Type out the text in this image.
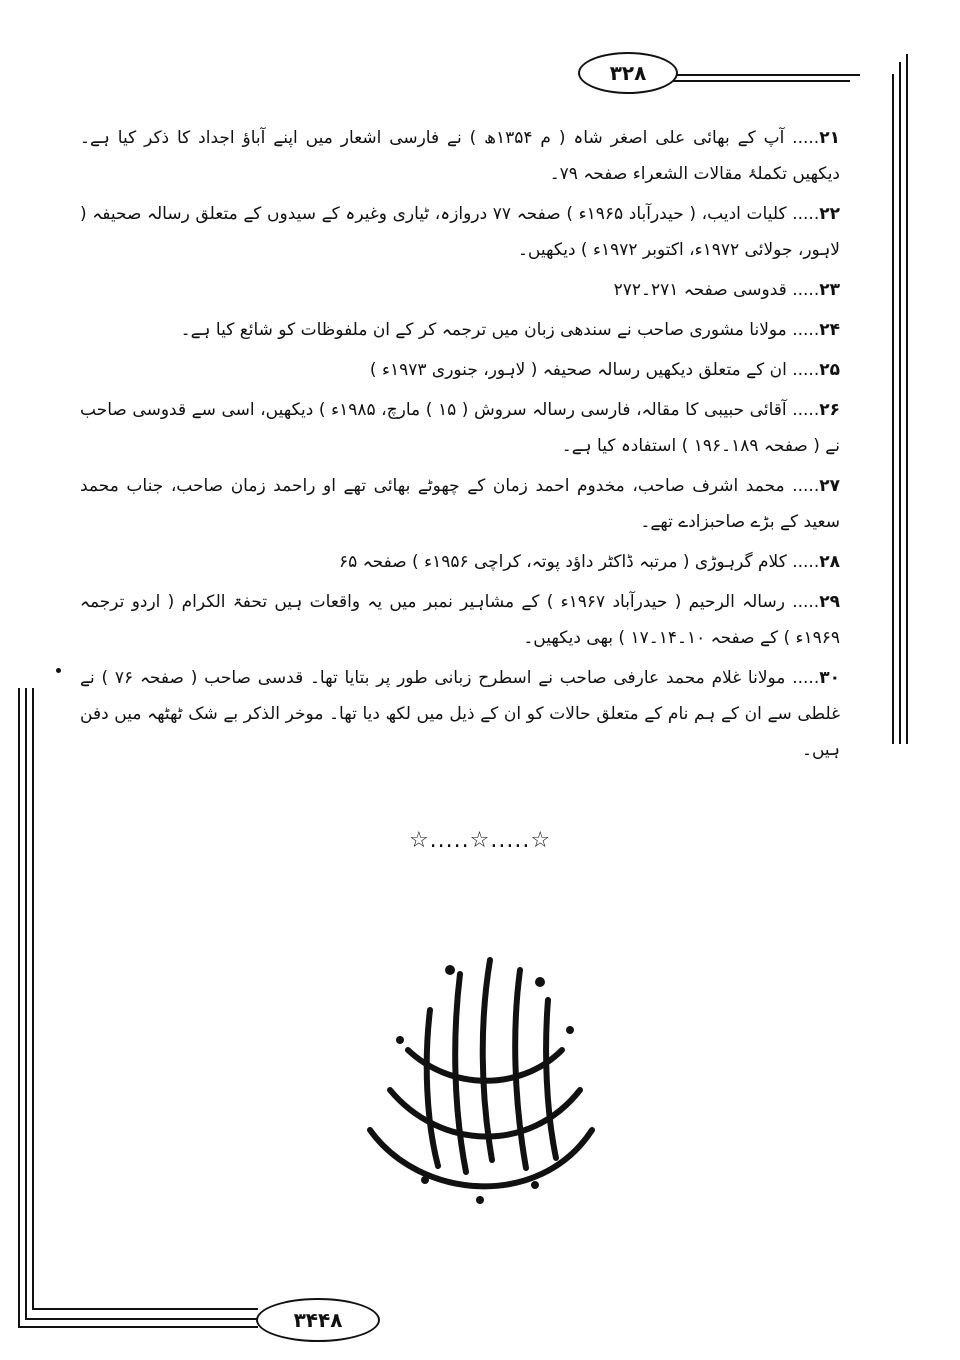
۳۲۸
۳۴۴۸
۲۱..... آپ کے بھائی علی اصغر شاہ ( م ۱۳۵۴ھ ) نے فارسی اشعار میں اپنے آباؤ اجداد کا ذکر کیا ہے۔ دیکھیں تکملۂ مقالات الشعراء صفحہ ۷۹۔
۲۲..... کلیات ادیب، ( حیدرآباد ۱۹۶۵ء ) صفحہ ۷۷ دروازہ، ٹیاری وغیرہ کے سیدوں کے متعلق رسالہ صحیفہ ( لاہور، جولائی ۱۹۷۲ء، اکتوبر ۱۹۷۲ء ) دیکھیں۔
۲۳..... قدوسی صفحہ ۲۷۱۔۲۷۲
۲۴..... مولانا مشوری صاحب نے سندھی زبان میں ترجمہ کر کے ان ملفوظات کو شائع کیا ہے۔
۲۵..... ان کے متعلق دیکھیں رسالہ صحیفہ ( لاہور، جنوری ۱۹۷۳ء )
۲۶..... آقائی حبیبی کا مقالہ، فارسی رسالہ سروش ( ۱۵ ) مارچ، ۱۹۸۵ء ) دیکھیں، اسی سے قدوسی صاحب نے ( صفحہ ۱۸۹۔۱۹۶ ) استفادہ کیا ہے۔
۲۷..... محمد اشرف صاحب، مخدوم احمد زمان کے چھوٹے بھائی تھے او راحمد زمان صاحب، جناب محمد سعید کے بڑے صاحبزادے تھے۔
۲۸..... کلام گرہوڑی ( مرتبہ ڈاکٹر داؤد پوتہ، کراچی ۱۹۵۶ء ) صفحہ ۶۵
۲۹..... رسالہ الرحیم ( حیدرآباد ۱۹۶۷ء ) کے مشاہیر نمبر میں یہ واقعات ہیں تحفۃ الکرام ( اردو ترجمہ ۱۹۶۹ء ) کے صفحہ ۱۰۔۱۴۔۱۷ ) بھی دیکھیں۔
۳۰..... مولانا غلام محمد عارفی صاحب نے اسطرح زبانی طور پر بتایا تھا۔ قدسی صاحب ( صفحہ ۷۶ ) نے غلطی سے ان کے ہم نام کے متعلق حالات کو ان کے ذیل میں لکھ دیا تھا۔ موخر الذکر بے شک ٹھٹھہ میں دفن ہیں۔
☆.....☆.....☆
